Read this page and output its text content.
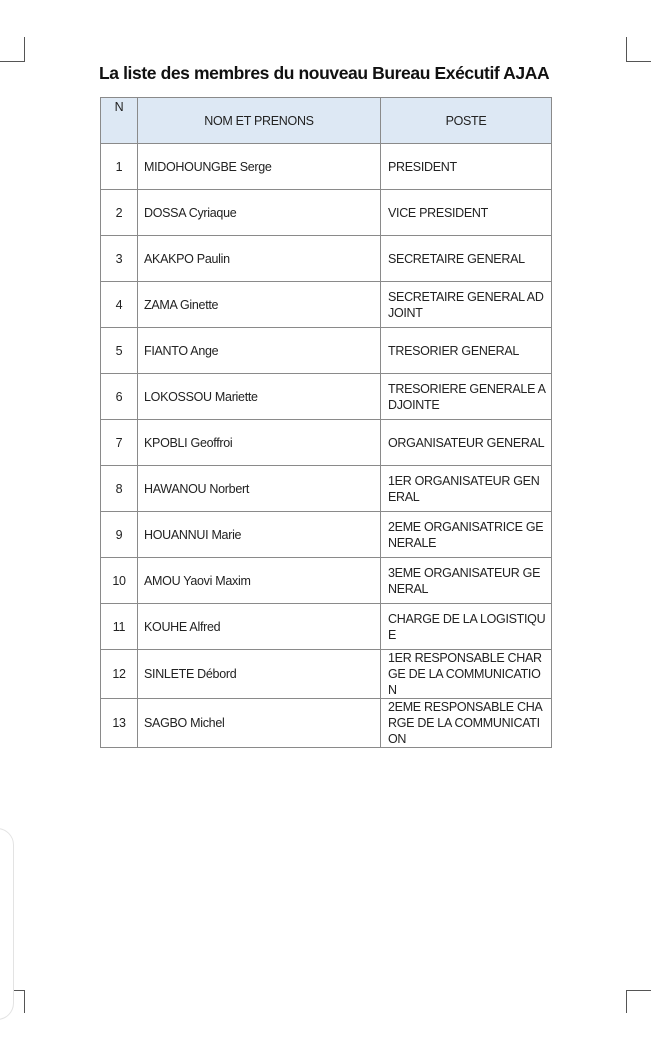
La liste des membres du nouveau Bureau Exécutif AJAA
N	NOM ET PRENONS	POSTE
1	MIDOHOUNGBE Serge	PRESIDENT
2	DOSSA Cyriaque	VICE PRESIDENT
3	AKAKPO Paulin	SECRETAIRE GENERAL
4	ZAMA Ginette	SECRETAIRE GENERAL ADJOINT
5	FIANTO Ange	TRESORIER GENERAL
6	LOKOSSOU Mariette	TRESORIERE GENERALE ADJOINTE
7	KPOBLI Geoffroi	ORGANISATEUR GENERAL
8	HAWANOU Norbert	1ER ORGANISATEUR GENERAL
9	HOUANNUI Marie	2EME ORGANISATRICE GENERALE
10	AMOU Yaovi Maxim	3EME ORGANISATEUR GENERAL
11	KOUHE Alfred	CHARGE DE LA LOGISTIQUE
12	SINLETE Débord	1ER RESPONSABLE CHARGE DE LA COMMUNICATION
13	SAGBO Michel	2EME RESPONSABLE CHARGE DE LA COMMUNICATION
